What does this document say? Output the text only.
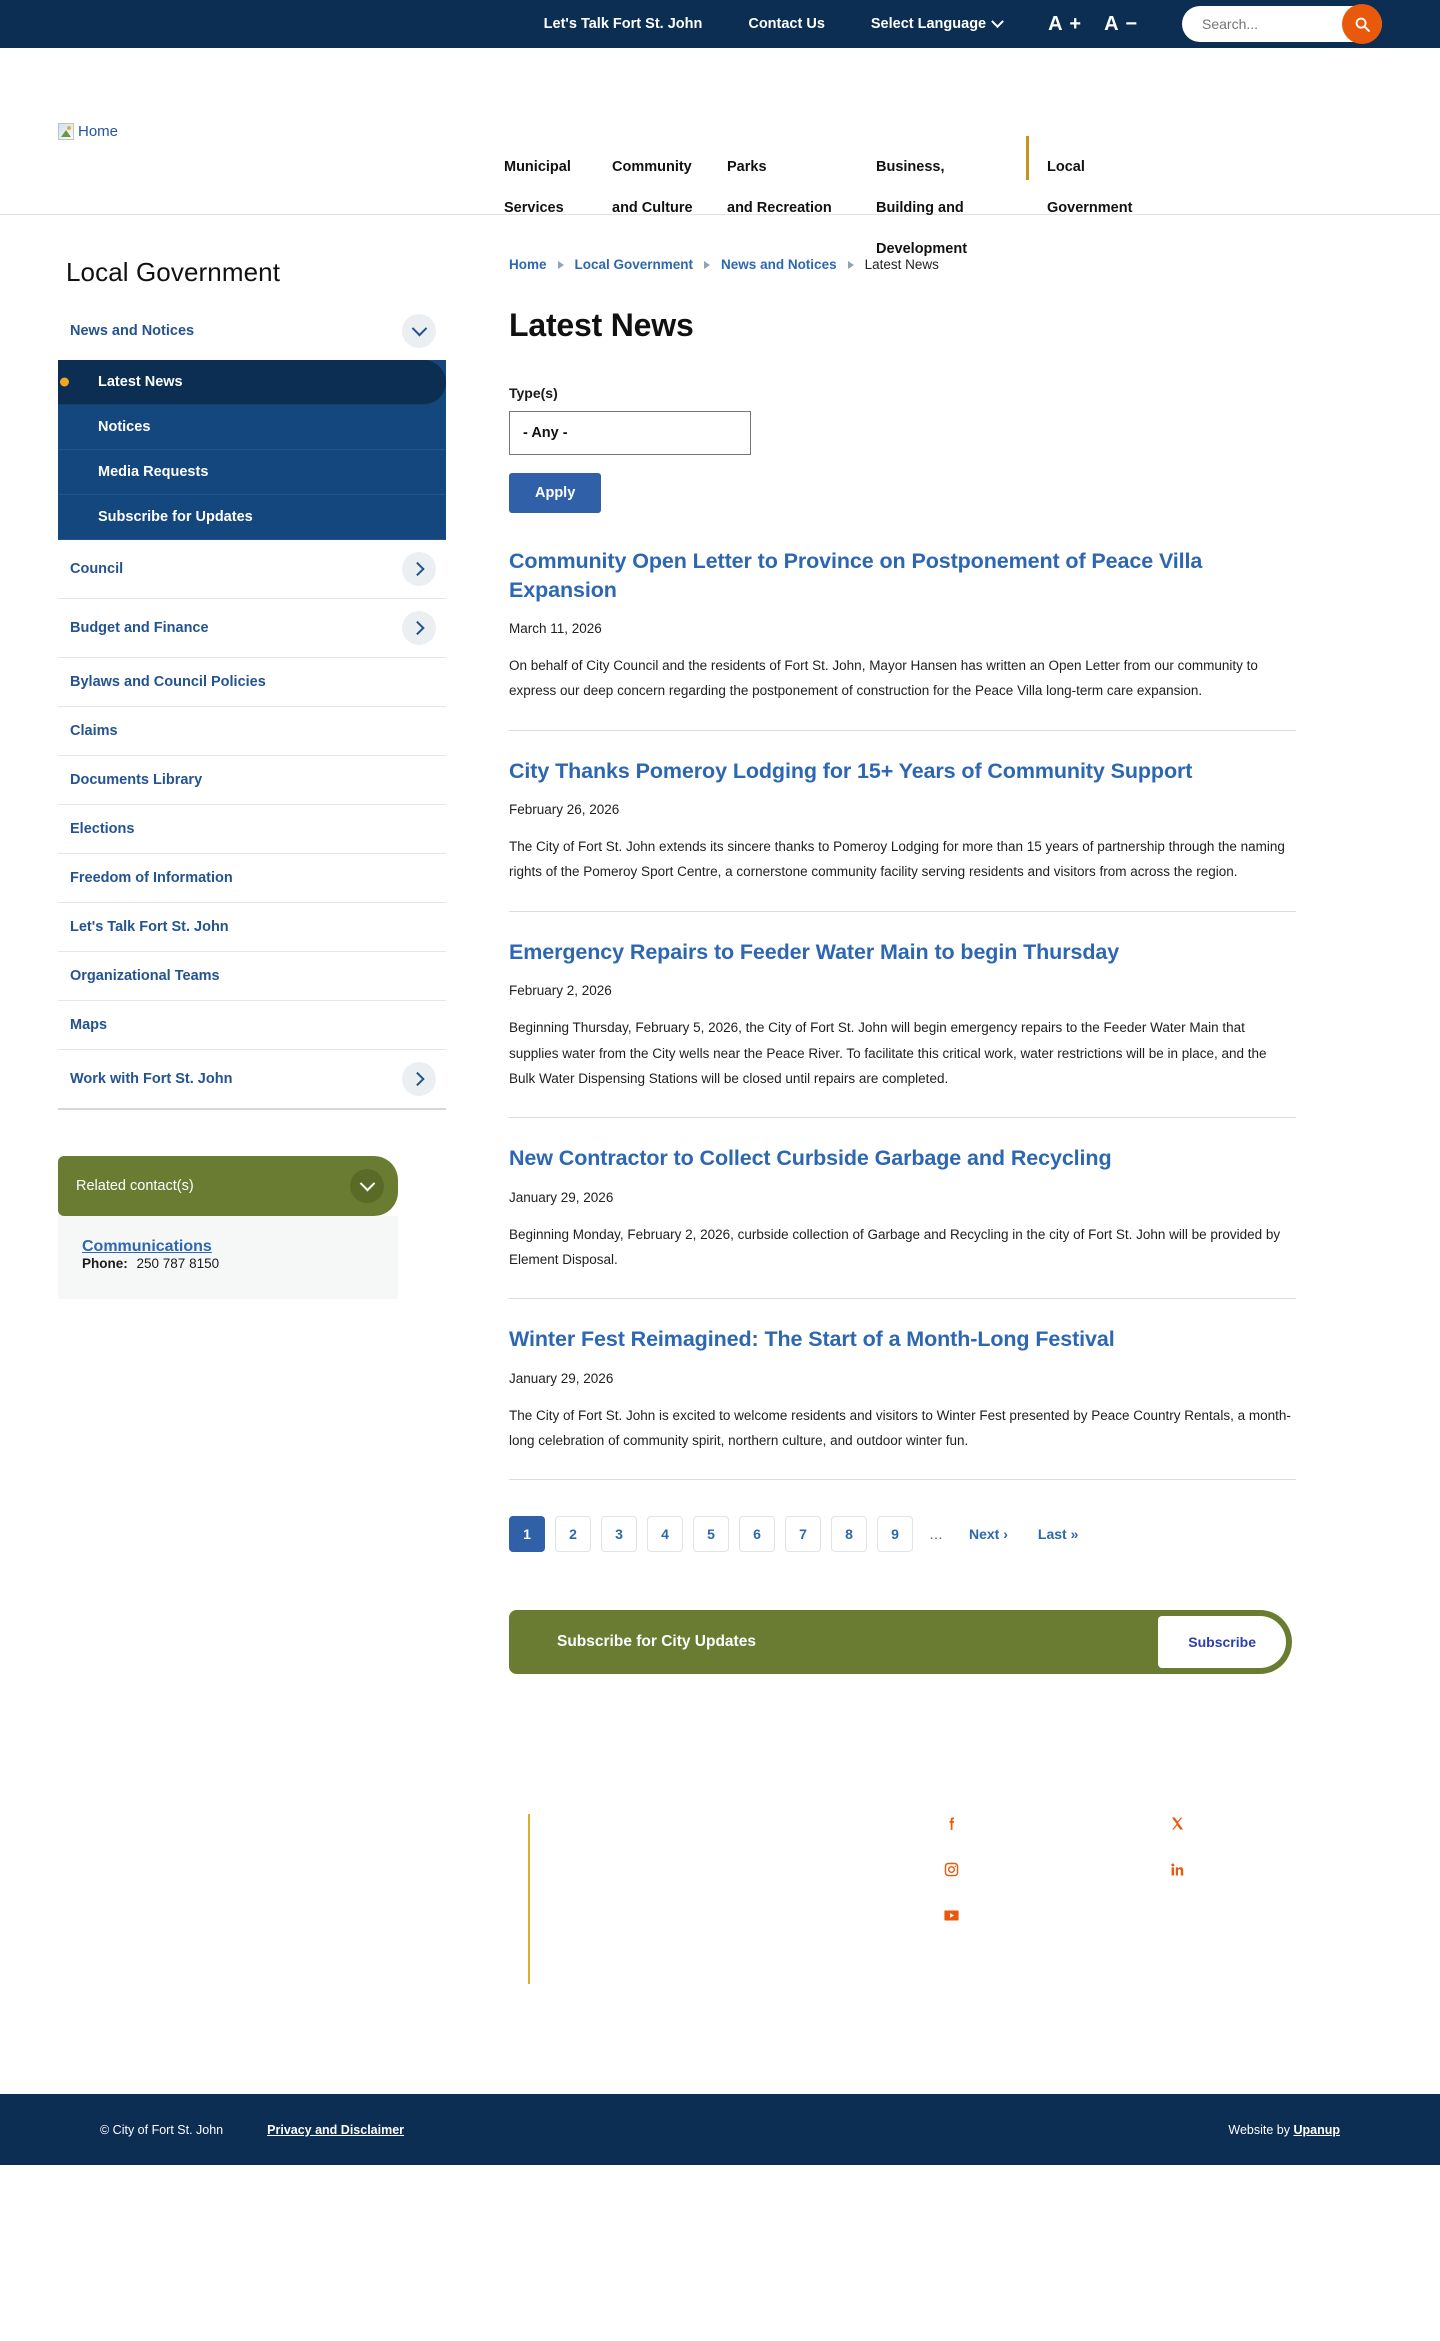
Let's Talk Fort St. John	Contact Us	Select Language	A + A −
Search...
Home

Municipal

Services

Community

and Culture

Parks

and Recreation

Business,

Building and

Development

Local

Government

Local Government
News and Notices
Latest News
Notices
Media Requests
Subscribe for Updates
Council
Budget and Finance
Bylaws and Council Policies
Claims
Documents Library
Elections
Freedom of Information
Let's Talk Fort St. John
Organizational Teams
Maps
Work with Fort St. John
Related contact(s)
Communications
Phone: 250 787 8150
Home Local Government News and Notices Latest News
Latest News
Type(s)
- Any -
Apply
Community Open Letter to Province on Postponement of Peace Villa Expansion
March 11, 2026

On behalf of City Council and the residents of Fort St. John, Mayor Hansen has written an Open Letter from our community to express our deep concern regarding the postponement of construction for the Peace Villa long-term care expansion.

City Thanks Pomeroy Lodging for 15+ Years of Community Support
February 26, 2026

The City of Fort St. John extends its sincere thanks to Pomeroy Lodging for more than 15 years of partnership through the naming rights of the Pomeroy Sport Centre, a cornerstone community facility serving residents and visitors from across the region.

Emergency Repairs to Feeder Water Main to begin Thursday
February 2, 2026

Beginning Thursday, February 5, 2026, the City of Fort St. John will begin emergency repairs to the Feeder Water Main that supplies water from the City wells near the Peace River. To facilitate this critical work, water restrictions will be in place, and the Bulk Water Dispensing Stations will be closed until repairs are completed.

New Contractor to Collect Curbside Garbage and Recycling
January 29, 2026

Beginning Monday, February 2, 2026, curbside collection of Garbage and Recycling in the city of Fort St. John will be provided by Element Disposal.

Winter Fest Reimagined: The Start of a Month-Long Festival
January 29, 2026

The City of Fort St. John is excited to welcome residents and visitors to Winter Fest presented by Peace Country Rentals, a month-long celebration of community spirit, northern culture, and outdoor winter fun.

1	2	3	4	5	6	7	8	9	…	Next ›	Last »
Subscribe for City Updates	Subscribe
© City of Fort St. John	Privacy and Disclaimer	Website by Upanup
